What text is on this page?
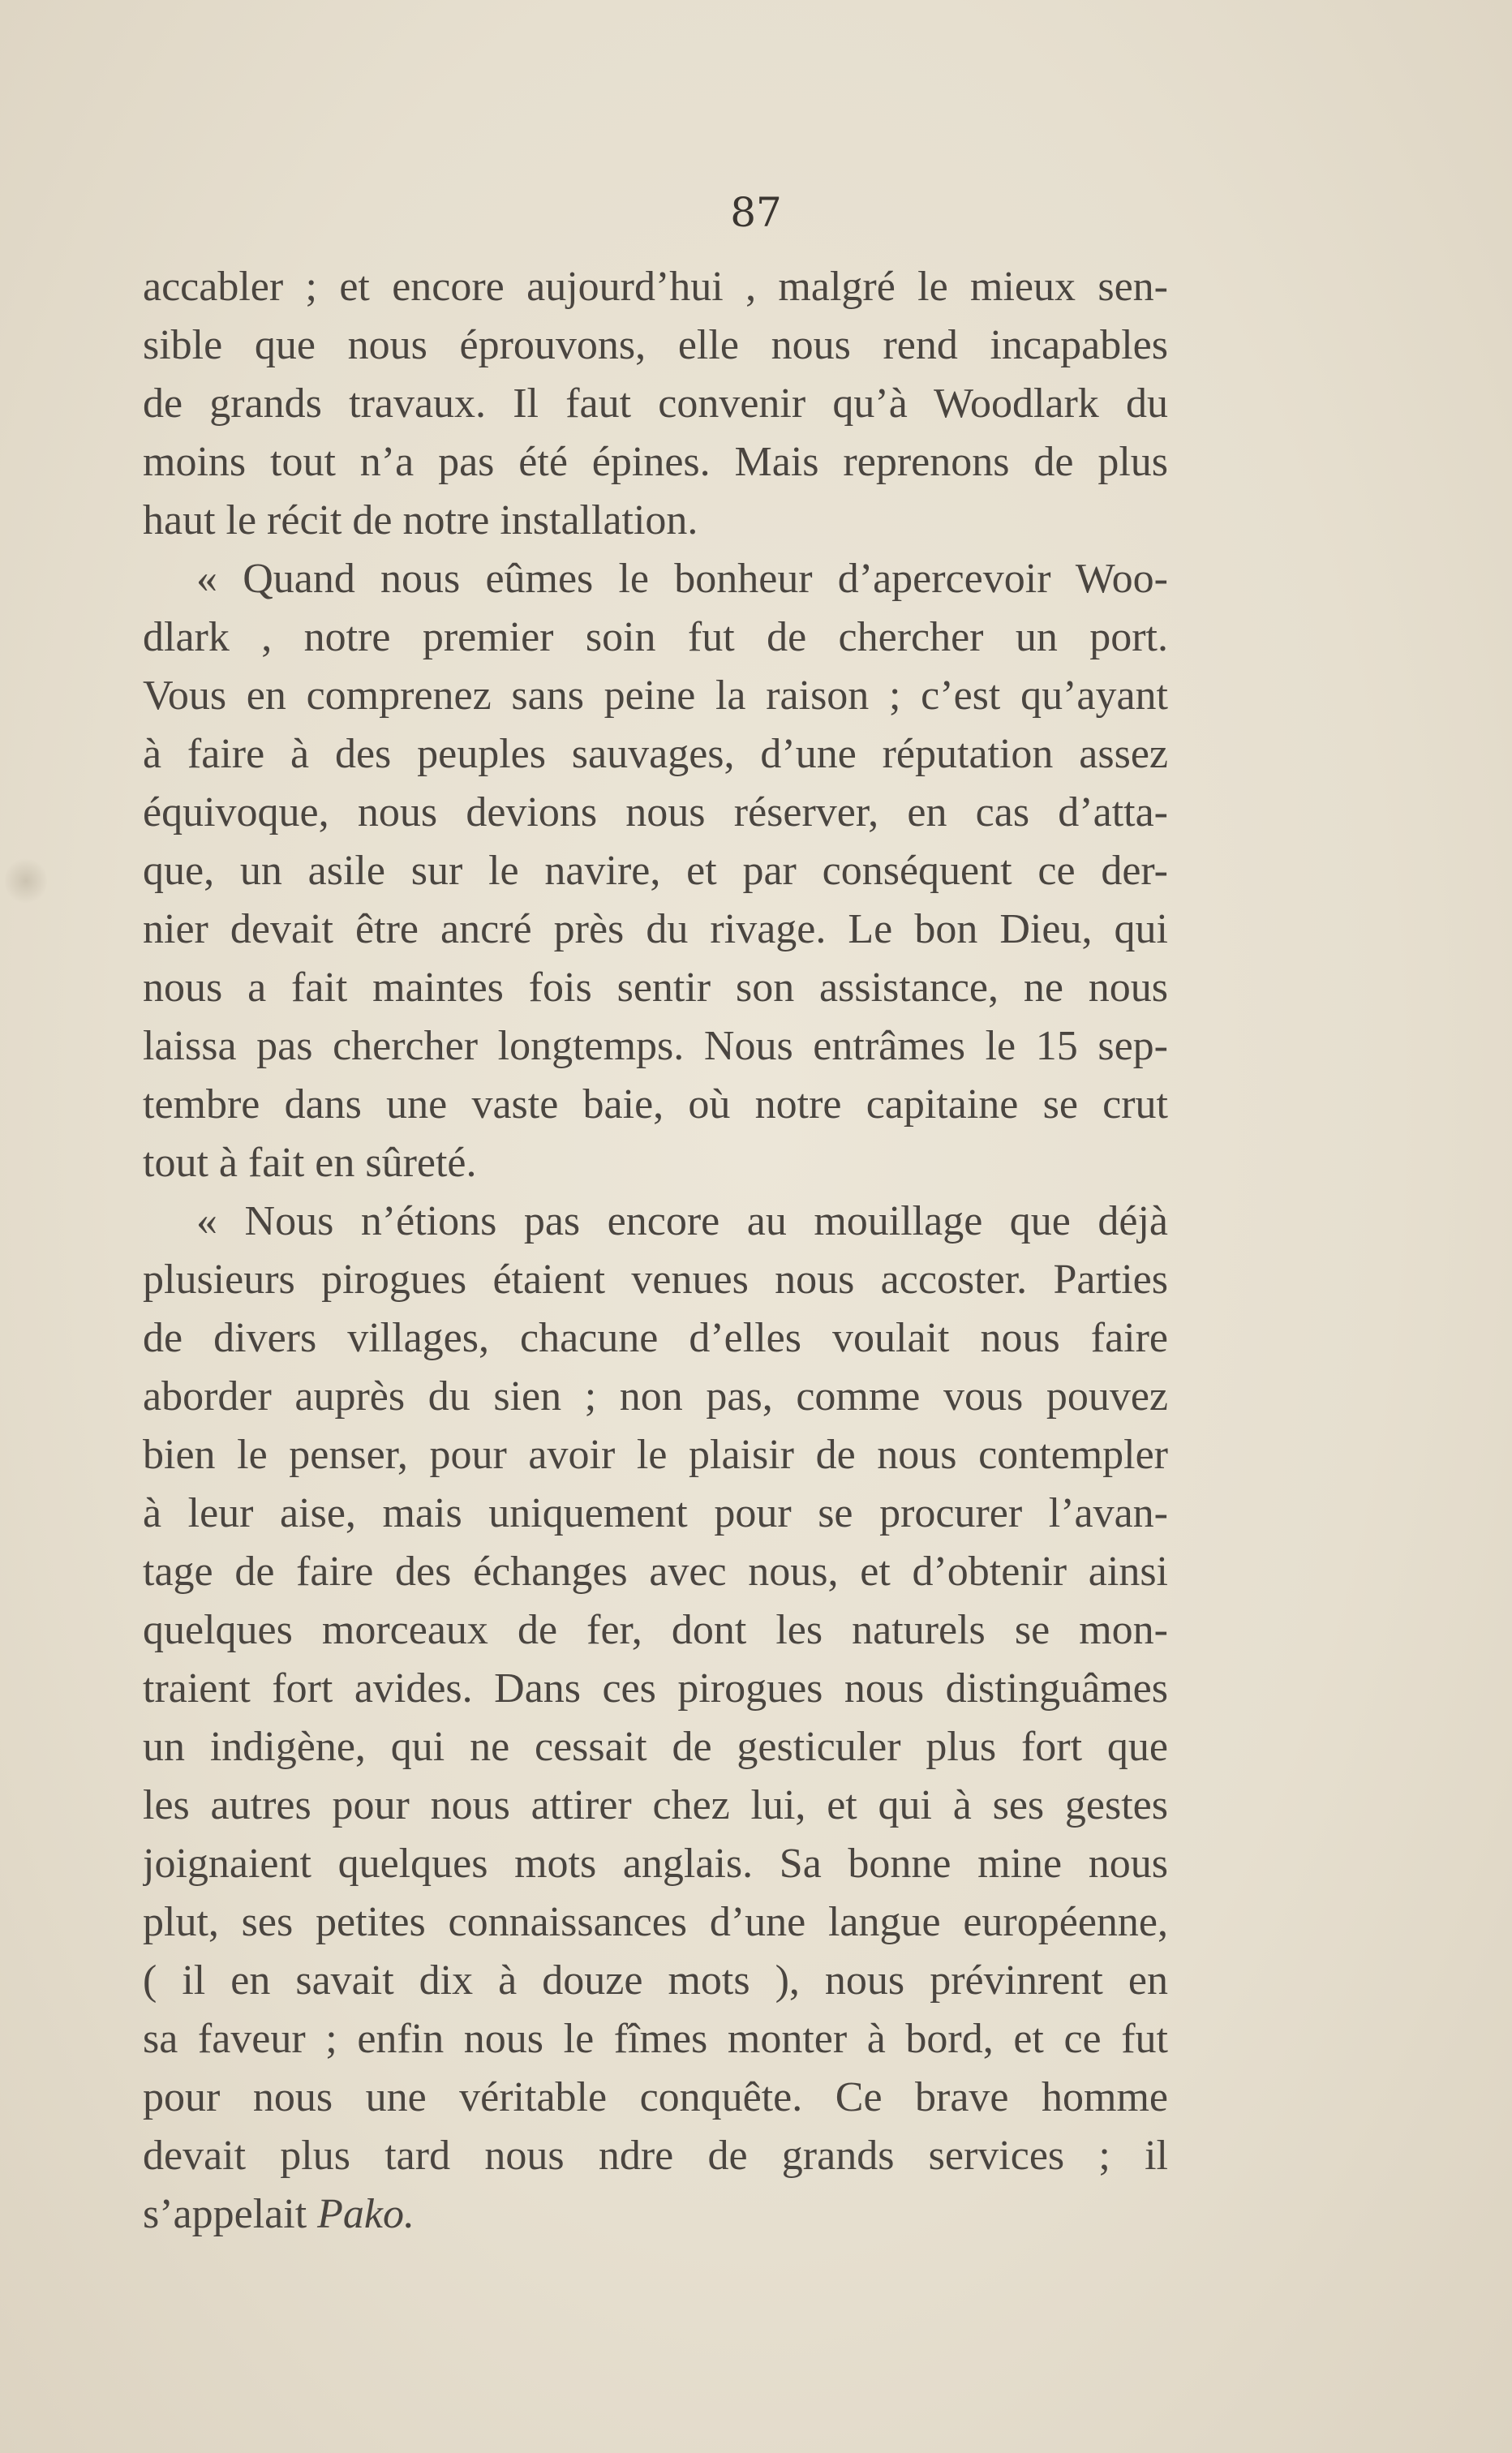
87
accabler ; et encore aujourd’hui , malgré le mieux sen-
sible que nous éprouvons, elle nous rend incapables
de grands travaux. Il faut convenir qu’à Woodlark du
moins tout n’a pas été épines. Mais reprenons de plus
haut le récit de notre installation.
« Quand nous eûmes le bonheur d’apercevoir Woo-
dlark , notre premier soin fut de chercher un port.
Vous en comprenez sans peine la raison ; c’est qu’ayant
à faire à des peuples sauvages, d’une réputation assez
équivoque, nous devions nous réserver, en cas d’atta-
que, un asile sur le navire, et par conséquent ce der-
nier devait être ancré près du rivage. Le bon Dieu, qui
nous a fait maintes fois sentir son assistance, ne nous
laissa pas chercher longtemps. Nous entrâmes le 15 sep-
tembre dans une vaste baie, où notre capitaine se crut
tout à fait en sûreté.
« Nous n’étions pas encore au mouillage que déjà
plusieurs pirogues étaient venues nous accoster. Parties
de divers villages, chacune d’elles voulait nous faire
aborder auprès du sien ; non pas, comme vous pouvez
bien le penser, pour avoir le plaisir de nous contempler
à leur aise, mais uniquement pour se procurer l’avan-
tage de faire des échanges avec nous, et d’obtenir ainsi
quelques morceaux de fer, dont les naturels se mon-
traient fort avides. Dans ces pirogues nous distinguâmes
un indigène, qui ne cessait de gesticuler plus fort que
les autres pour nous attirer chez lui, et qui à ses gestes
joignaient quelques mots anglais. Sa bonne mine nous
plut, ses petites connaissances d’une langue européenne,
( il en savait dix à douze mots ), nous prévinrent en
sa faveur ; enfin nous le fîmes monter à bord, et ce fut
pour nous une véritable conquête. Ce brave homme
devait plus tard nous ndre de grands services ; il
s’appelait Pako.
